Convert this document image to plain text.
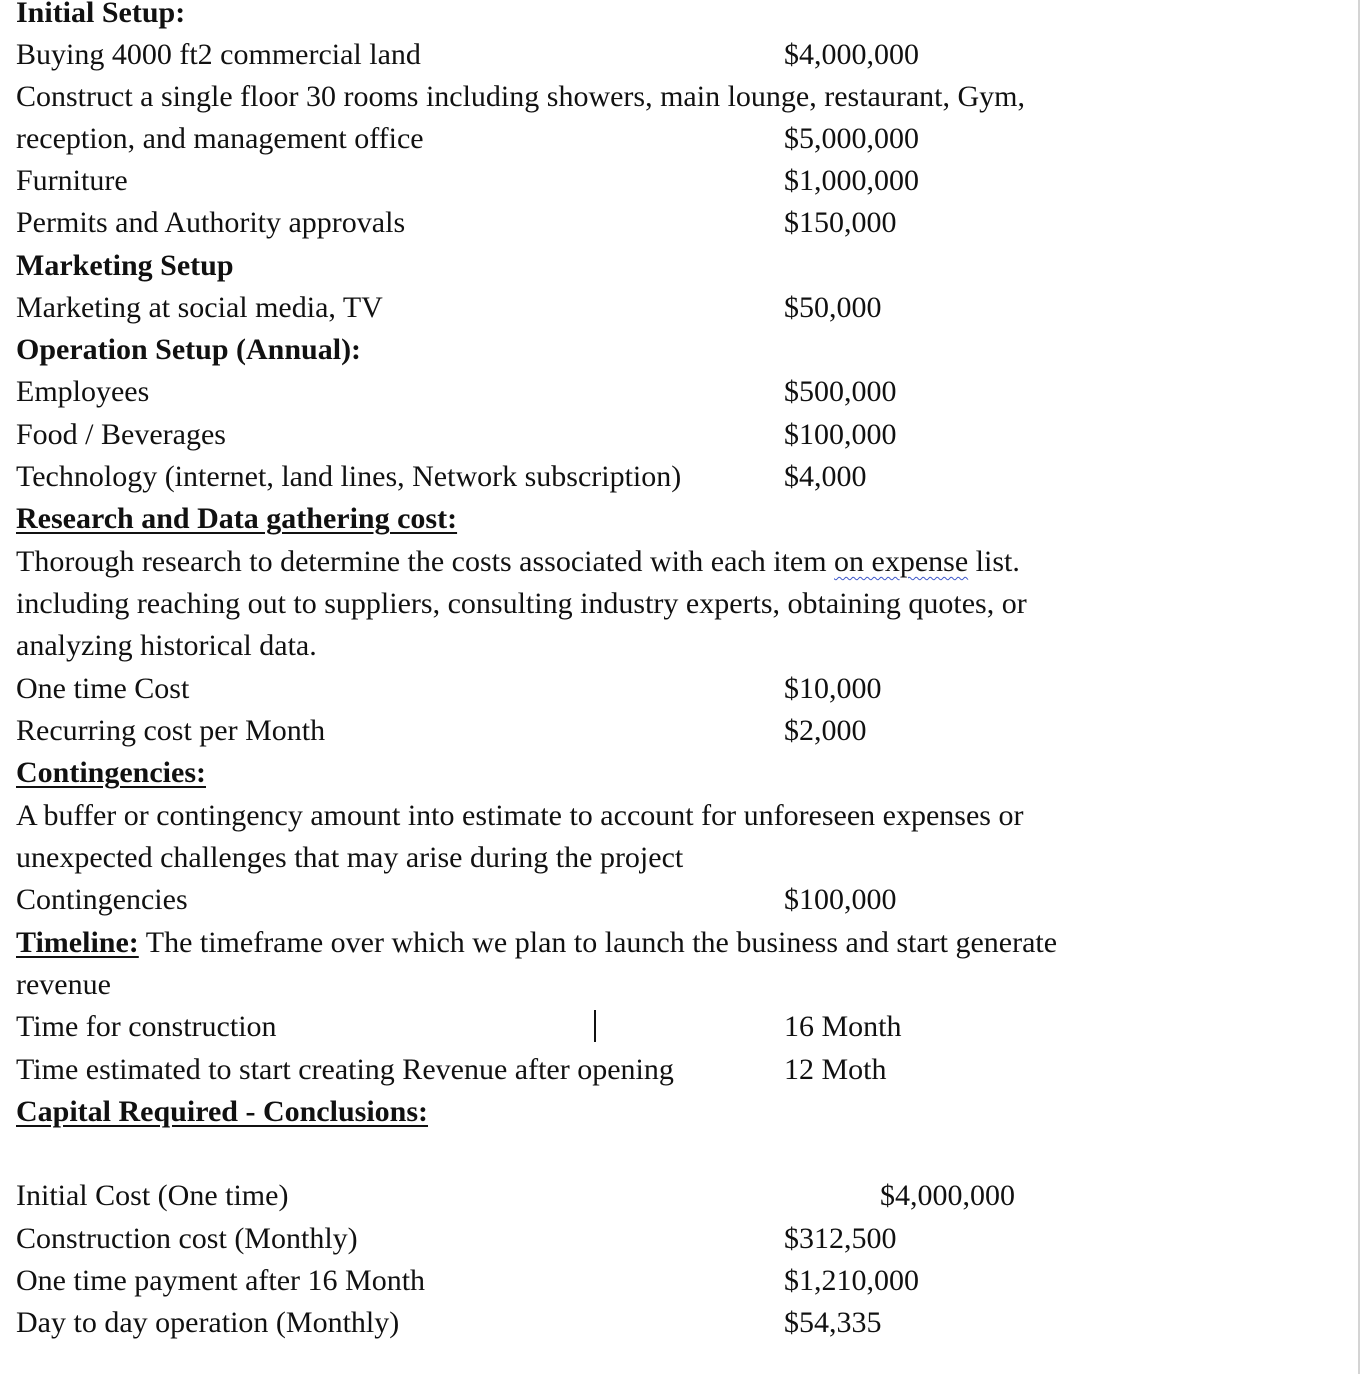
Initial Setup:
Buying 4000 ft2 commercial land	$4,000,000
Construct a single floor 30 rooms including showers, main lounge, restaurant, Gym,
reception, and management office	$5,000,000
Furniture	$1,000,000
Permits and Authority approvals	$150,000
Marketing Setup
Marketing at social media, TV	$50,000
Operation Setup (Annual):
Employees	$500,000
Food / Beverages	$100,000
Technology (internet, land lines, Network subscription)	$4,000
Research and Data gathering cost:
Thorough research to determine the costs associated with each item on expense list.
including reaching out to suppliers, consulting industry experts, obtaining quotes, or
analyzing historical data.
One time Cost	$10,000
Recurring cost per Month	$2,000
Contingencies:
A buffer or contingency amount into estimate to account for unforeseen expenses or
unexpected challenges that may arise during the project
Contingencies	$100,000
Timeline: The timeframe over which we plan to launch the business and start generate
revenue
Time for construction	16 Month
Time estimated to start creating Revenue after opening	12 Moth
Capital Required - Conclusions:
Initial Cost (One time)	$4,000,000
Construction cost (Monthly)	$312,500
One time payment after 16 Month	$1,210,000
Day to day operation (Monthly)	$54,335
